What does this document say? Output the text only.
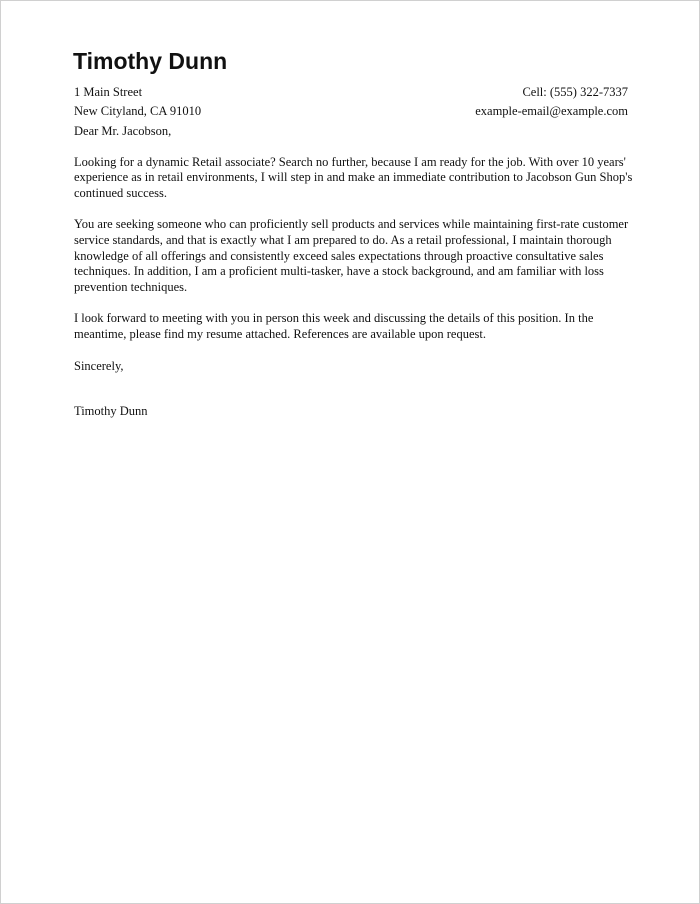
Timothy Dunn
1 Main Street
New Cityland, CA 91010
Cell: (555) 322-7337
example-email@example.com

Dear Mr. Jacobson,

Looking for a dynamic Retail associate? Search no further, because I am ready for the job. With over 10 years' experience as in retail environments, I will step in and make an immediate contribution to Jacobson Gun Shop's continued success.

You are seeking someone who can proficiently sell products and services while maintaining first-rate customer service standards, and that is exactly what I am prepared to do. As a retail professional, I maintain thorough knowledge of all offerings and consistently exceed sales expectations through proactive consultative sales techniques. In addition, I am a proficient multi-tasker, have a stock background, and am familiar with loss prevention techniques.

I look forward to meeting with you in person this week and discussing the details of this position. In the meantime, please find my resume attached. References are available upon request.

Sincerely,

Timothy Dunn
